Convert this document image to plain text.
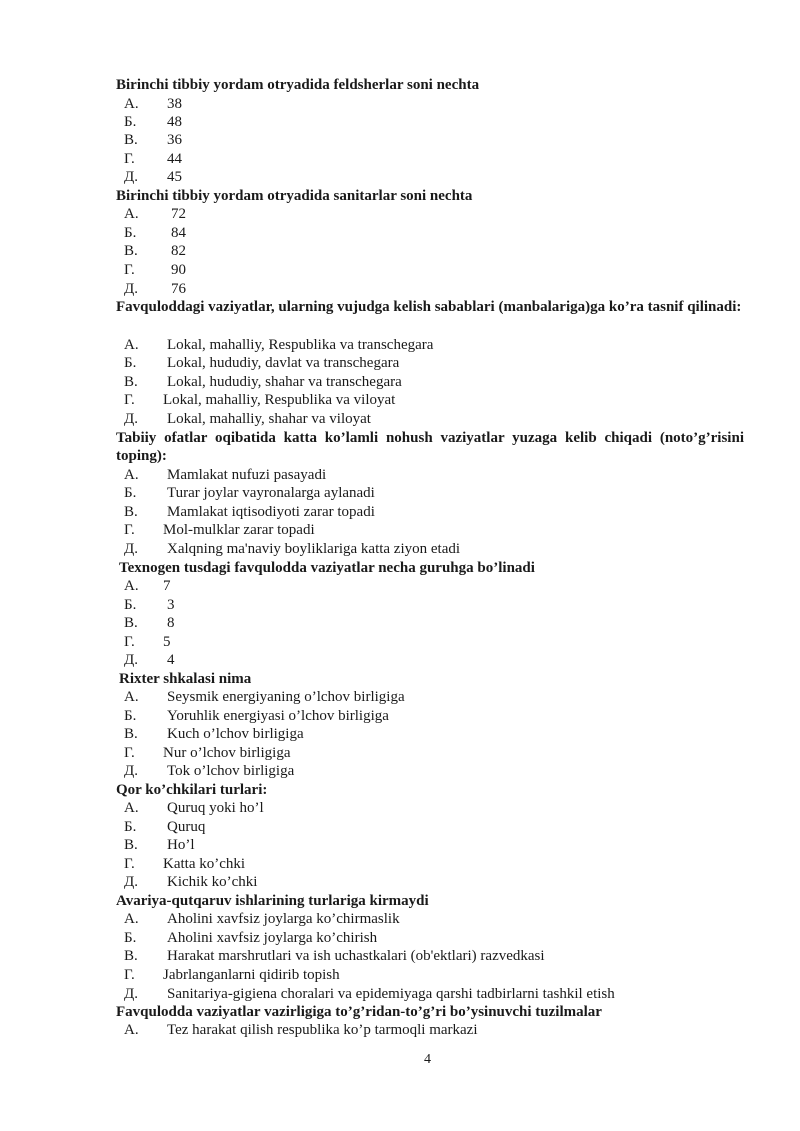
Birinchi tibbiy yordam otryadida feldsherlar soni nechta
А. 38
Б. 48
В. 36
Г. 44
Д. 45
Birinchi tibbiy yordam otryadida sanitarlar soni nechta
А. 72
Б. 84
В. 82
Г. 90
Д. 76
Favquloddagi vaziyatlar, ularning vujudga kelish sabablari (manbalariga)ga ko’ra tasnif qilinadi:
А. Lokal, mahalliy, Respublika va transchegara
Б. Lokal, hududiy, davlat va transchegara
В. Lokal, hududiy, shahar va transchegara
Г. Lokal, mahalliy, Respublika va viloyat
Д. Lokal, mahalliy, shahar va viloyat
Tabiiy ofatlar oqibatida katta ko’lamli nohush vaziyatlar yuzaga kelib chiqadi (noto’g’risini toping):
А. Mamlakat nufuzi pasayadi
Б. Turar joylar vayronalarga aylanadi
В. Mamlakat iqtisodiyoti zarar topadi
Г. Mol-mulklar zarar topadi
Д. Xalqning ma'naviy boyliklariga katta ziyon etadi
Texnogen tusdagi favqulodda vaziyatlar necha guruhga bo’linadi
А. 7
Б. 3
В. 8
Г. 5
Д. 4
Rixter shkalasi nima
А. Seysmik energiyaning o’lchov birligiga
Б. Yoruhlik energiyasi o’lchov birligiga
В. Kuch o’lchov birligiga
Г. Nur o’lchov birligiga
Д. Tok o’lchov birligiga
Qor ko’chkilari turlari:
А. Quruq yoki ho’l
Б. Quruq
В. Ho’l
Г. Katta ko’chki
Д. Kichik ko’chki
Avariya-qutqaruv ishlarining turlariga kirmaydi
А. Aholini xavfsiz joylarga ko’chirmaslik
Б. Aholini xavfsiz joylarga ko’chirish
В. Harakat marshrutlari va ish uchastkalari (ob'ektlari) razvedkasi
Г. Jabrlanganlarni qidirib topish
Д. Sanitariya-gigiena choralari va epidemiyaga qarshi tadbirlarni tashkil etish
Favqulodda vaziyatlar vazirligiga to’g’ridan-to’g’ri bo’ysinuvchi tuzilmalar
А. Tez harakat qilish respublika ko’p tarmoqli markazi
4
